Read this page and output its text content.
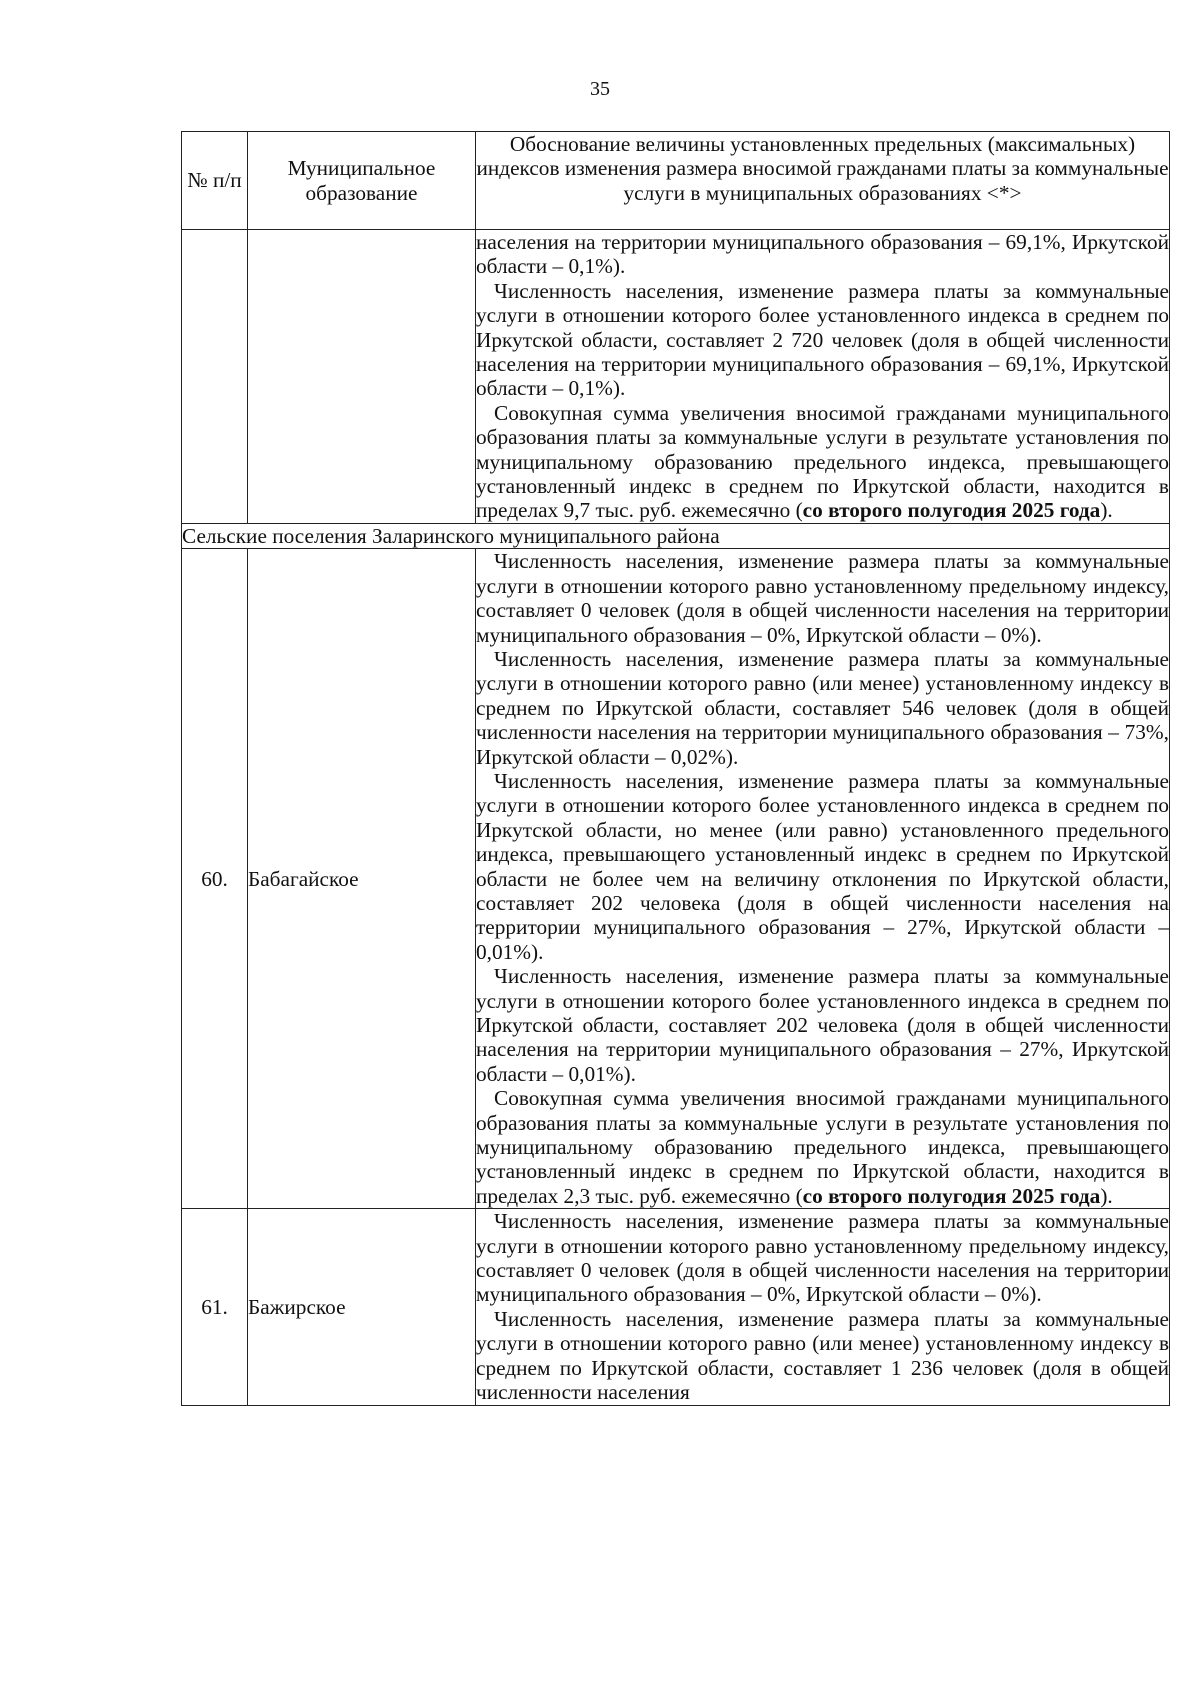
35
№ п/п	Муниципальное образование	Обоснование величины установленных предельных (максимальных) индексов изменения размера вносимой гражданами платы за коммунальные услуги в муниципальных образованиях <*>

		населения на территории муниципального образования – 69,1%, Иркутской области – 0,1%).

Численность населения, изменение размера платы за коммунальные услуги в отношении которого более установленного индекса в среднем по Иркутской области, составляет 2 720 человек (доля в общей численности населения на территории муниципального образования – 69,1%, Иркутской области – 0,1%).

Совокупная сумма увеличения вносимой гражданами муниципального образования платы за коммунальные услуги в результате установления по муниципальному образованию предельного индекса, превышающего установленный индекс в среднем по Иркутской области, находится в пределах 9,7 тыс. руб. ежемесячно (со второго полугодия 2025 года).

Сельские поселения Заларинского муниципального района		
60.	Бабагайское	Численность населения, изменение размера платы за коммунальные услуги в отношении которого равно установленному предельному индексу, составляет 0 человек (доля в общей численности населения на территории муниципального образования – 0%, Иркутской области – 0%).

Численность населения, изменение размера платы за коммунальные услуги в отношении которого равно (или менее) установленному индексу в среднем по Иркутской области, составляет 546 человек (доля в общей численности населения на территории муниципального образования – 73%, Иркутской области – 0,02%).

Численность населения, изменение размера платы за коммунальные услуги в отношении которого более установленного индекса в среднем по Иркутской области, но менее (или равно) установленного предельного индекса, превышающего установленный индекс в среднем по Иркутской области не более чем на величину отклонения по Иркутской области, составляет 202 человека (доля в общей численности населения на территории муниципального образования – 27%, Иркутской области – 0,01%).

Численность населения, изменение размера платы за коммунальные услуги в отношении которого более установленного индекса в среднем по Иркутской области, составляет 202 человека (доля в общей численности населения на территории муниципального образования – 27%, Иркутской области – 0,01%).

Совокупная сумма увеличения вносимой гражданами муниципального образования платы за коммунальные услуги в результате установления по муниципальному образованию предельного индекса, превышающего установленный индекс в среднем по Иркутской области, находится в пределах 2,3 тыс. руб. ежемесячно (со второго полугодия 2025 года).

61.	Бажирское	Численность населения, изменение размера платы за коммунальные услуги в отношении которого равно установленному предельному индексу, составляет 0 человек (доля в общей численности населения на территории муниципального образования – 0%, Иркутской области – 0%).

Численность населения, изменение размера платы за коммунальные услуги в отношении которого равно (или менее) установленному индексу в среднем по Иркутской области, составляет 1 236 человек (доля в общей численности населения
